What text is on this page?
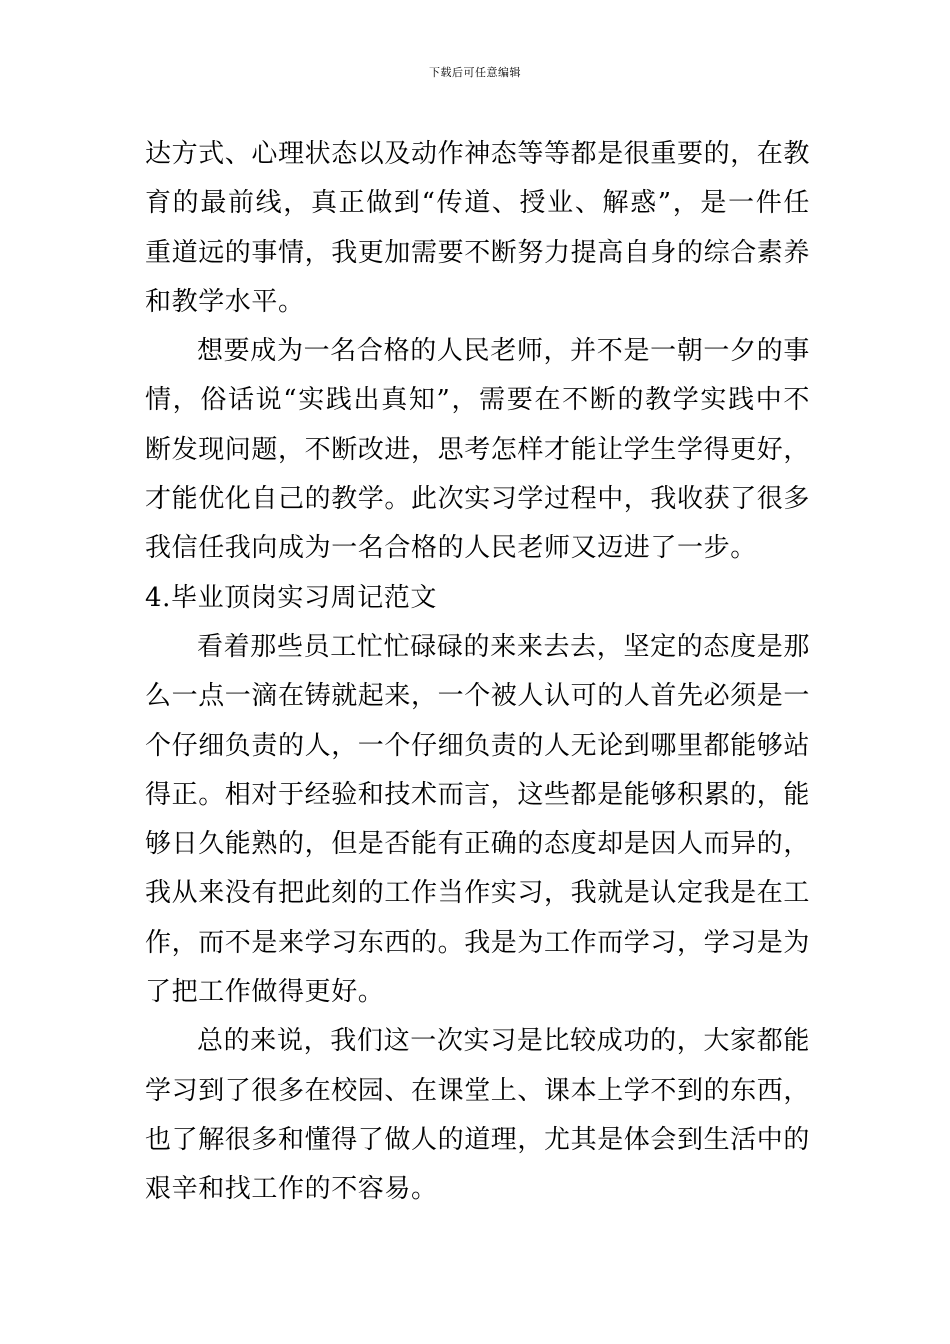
下载后可任意编辑

达方式、心理状态以及动作神态等等都是很重要的，在教育的最前线，真正做到“传道、授业、解惑”，是一件任重道远的事情，我更加需要不断努力提高自身的综合素养和教学水平。

想要成为一名合格的人民老师，并不是一朝一夕的事情，俗话说“实践出真知”，需要在不断的教学实践中不断发现问题，不断改进，思考怎样才能让学生学得更好，才能优化自己的教学。此次实习学过程中，我收获了很多我信任我向成为一名合格的人民老师又迈进了一步。

4.毕业顶岗实习周记范文

看着那些员工忙忙碌碌的来来去去，坚定的态度是那么一点一滴在铸就起来，一个被人认可的人首先必须是一个仔细负责的人，一个仔细负责的人无论到哪里都能够站得正。相对于经验和技术而言，这些都是能够积累的，能够日久能熟的，但是否能有正确的态度却是因人而异的，我从来没有把此刻的工作当作实习，我就是认定我是在工作，而不是来学习东西的。我是为工作而学习，学习是为了把工作做得更好。

总的来说，我们这一次实习是比较成功的，大家都能学习到了很多在校园、在课堂上、课本上学不到的东西，也了解很多和懂得了做人的道理，尤其是体会到生活中的艰辛和找工作的不容易。
